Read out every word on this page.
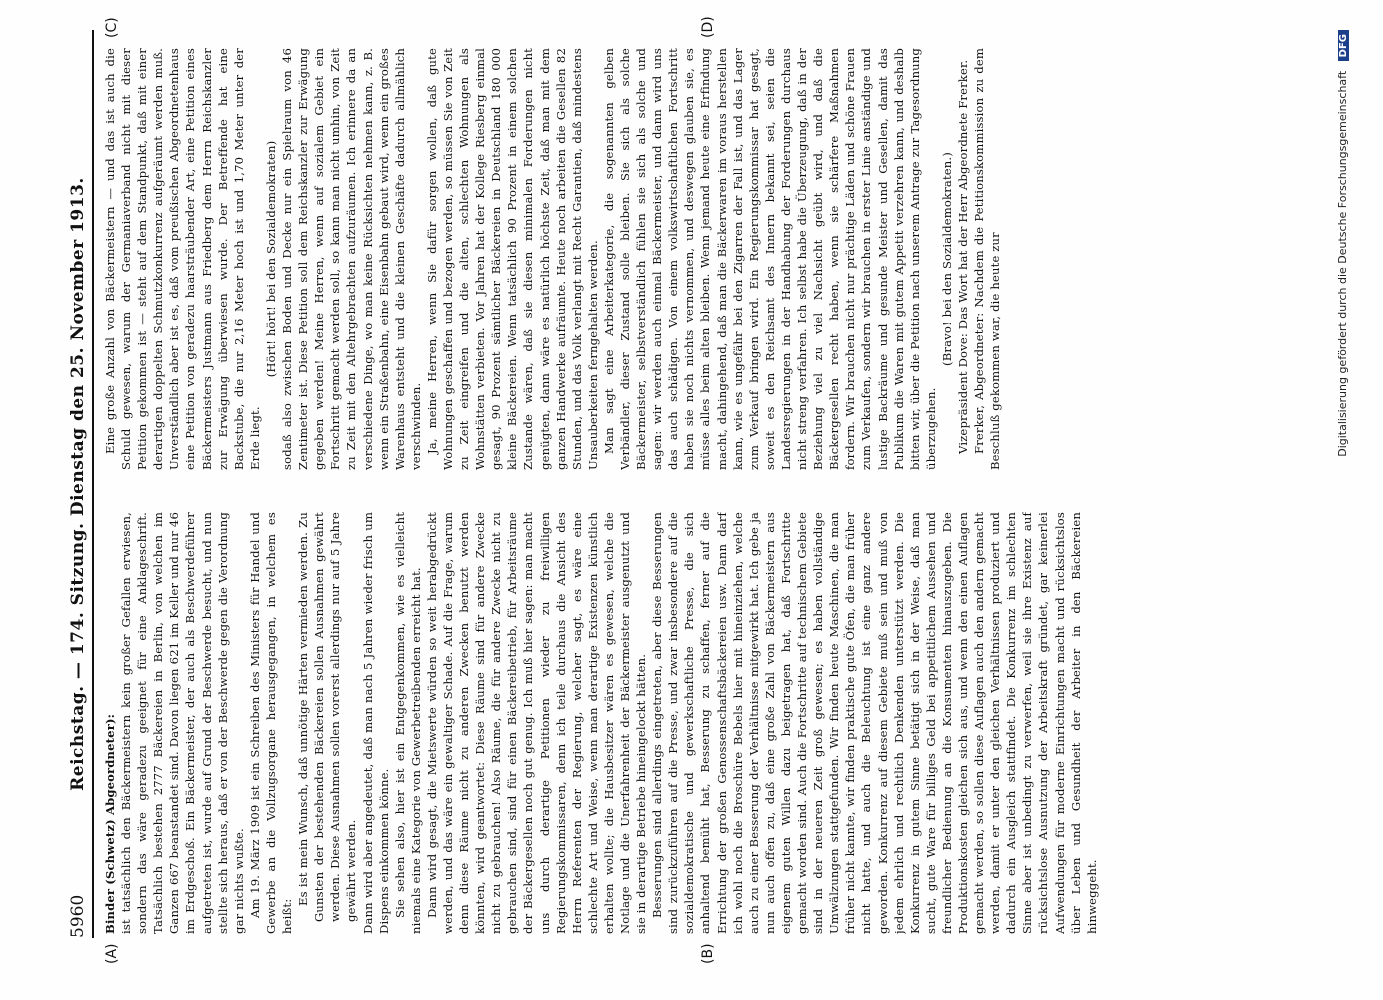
5960
Reichstag. — 174. Sitzung. Dienstag den 25. November 1913.
(A)	(B)
(C)	(D)

Binder (Schwetz) Abgeordneter): ist tatsächlich den Bäckermeistern kein großer Gefallen erwiesen, sondern das wäre geradezu geeignet für eine Anklageschrift. Tatsächlich bestehen 2777 Bäckereien in Berlin, von welchen im Ganzen 667 beanstandet sind. Davon liegen 621 im Keller und nur 46 im Erdgeschoß. Ein Bäckermeister, der auch als Beschwerdeführer aufgetreten ist, wurde auf Grund der Beschwerde besucht, und nun stellte sich heraus, daß er von der Beschwerde gegen die Verordnung gar nichts wußte. Am 19. März 1909 ist ein Schreiben des Ministers für Handel und Gewerbe an die Vollzugsorgane herausgegangen, in welchem es heißt:

Es ist mein Wunsch, daß unnötige Härten vermieden werden. Zu Gunsten der bestehenden Bäckereien sollen Ausnahmen gewährt werden. Diese Ausnahmen sollen vorerst allerdings nur auf 5 Jahre gewährt werden. Dann wird aber angedeutet, daß man nach 5 Jahren wieder frisch um Dispens einkommen könne. Sie sehen also, hier ist ein Entgegenkommen, wie es vielleicht niemals eine Kategorie von Gewerbetreibenden erreicht hat. Dann wird gesagt, die Mietswerte würden so weit herabgedrückt werden, und das wäre ein gewaltiger Schade. Auf die Frage, warum denn diese Räume nicht zu anderen Zwecken benutzt werden könnten, wird geantwortet: Diese Räume sind für andere Zwecke nicht zu gebrauchen! Also Räume, die für andere Zwecke nicht zu gebrauchen sind, sind für einen Bäckereibetrieb, für Arbeitsräume der Bäckergesellen noch gut genug. Ich muß hier sagen: man macht uns durch derartige Petitionen wieder zu freiwilligen Regierungskommissaren, denn ich teile durchaus die Ansicht des Herrn Referenten der Regierung, welcher sagt, es wäre eine schlechte Art und Weise, wenn man derartige Existenzen künstlich erhalten wollte; die Hausbesitzer wären es gewesen, welche die Notlage und die Unerfahrenheit der Bäckermeister ausgenutzt und sie in derartige Betriebe hineingelockt hätten. Besserungen sind allerdings eingetreten, aber diese Besserungen sind zurückzuführen auf die Presse, und zwar insbesondere auf die sozialdemokratische und gewerkschaftliche Presse, die sich anhaltend bemüht hat, Besserung zu schaffen, ferner auf die Errichtung der großen Genossenschaftsbäckereien usw. Dann darf ich wohl noch die Broschüre Bebels hier mit hineinziehen, welche auch zu einer Besserung der Verhältnisse mitgewirkt hat. Ich gebe ja nun auch offen zu, daß eine große Zahl von Bäckermeistern aus eigenem guten Willen dazu beigetragen hat, daß Fortschritte gemacht worden sind. Auch die Fortschritte auf technischem Gebiete sind in der neueren Zeit groß gewesen; es haben vollständige Umwälzungen stattgefunden. Wir finden heute Maschinen, die man früher nicht kannte, wir finden praktische gute Öfen, die man früher nicht hatte, und auch die Beleuchtung ist eine ganz andere geworden. Konkurrenz auf diesem Gebiete muß sein und muß von jedem ehrlich und rechtlich Denkenden unterstützt werden. Die Konkurrenz in gutem Sinne betätigt sich in der Weise, daß man sucht, gute Ware für billiges Geld bei appetitlichem Aussehen und freundlicher Bedienung an die Konsumenten hinauszugeben. Die Produktionskosten gleichen sich aus, und wenn den einen Auflagen gemacht werden, so sollen diese Auflagen auch den andern gemacht werden, damit er unter den gleichen Verhältnissen produziert und dadurch ein Ausgleich stattfindet. Die Konkurrenz im schlechten Sinne aber ist unbedingt zu verwerfen, weil sie ihre Existenz auf rücksichtslose Ausnutzung der Arbeitskraft gründet, gar keinerlei Aufwendungen für moderne Einrichtungen macht und rücksichtslos über Leben und Gesundheit der Arbeiter in den Bäckereien hinweggeht.

Eine große Anzahl von Bäckermeistern — und das ist auch die Schuld gewesen, warum der Germaniaverband nicht mit dieser Petition gekommen ist — steht auf dem Standpunkt, daß mit einer derartigen doppelten Schmutzkonkurrenz aufgeräumt werden muß. Unverständlich aber ist es, daß vom preußischen Abgeordnetenhaus eine Petition von geradezu haarsträubender Art, eine Petition eines Bäckermeisters Justmann aus Friedberg dem Herrn Reichskanzler zur Erwägung überwiesen wurde. Der Betreffende hat eine Backstube, die nur 2,16 Meter hoch ist und 1,70 Meter unter der Erde liegt.

(Hört! hört! bei den Sozialdemokraten) sodaß also zwischen Boden und Decke nur ein Spielraum von 46 Zentimeter ist. Diese Petition soll dem Reichskanzler zur Erwägung gegeben werden! Meine Herren, wenn auf sozialem Gebiet ein Fortschritt gemacht werden soll, so kann man nicht umhin, von Zeit zu Zeit mit den Altehrgebrachten aufzuräumen. Ich erinnere da an verschiedene Dinge, wo man keine Rücksichten nehmen kann, z. B. wenn ein Straßenbahn, eine Eisenbahn gebaut wird, wenn ein großes Warenhaus entsteht und die kleinen Geschäfte dadurch allmählich verschwinden. Ja, meine Herren, wenn Sie dafür sorgen wollen, daß gute Wohnungen geschaffen und bezogen werden, so müssen Sie von Zeit zu Zeit eingreifen und die alten, schlechten Wohnungen als Wohnstätten verbieten. Vor Jahren hat der Kollege Riesberg einmal gesagt, 90 Prozent sämtlicher Bäckereien in Deutschland 180 000 kleine Bäckereien. Wenn tatsächlich 90 Prozent in einem solchen Zustande wären, daß sie diesen minimalen Forderungen nicht genügten, dann wäre es natürlich höchste Zeit, daß man mit dem ganzen Handwerke aufräumte. Heute noch arbeiten die Gesellen 82 Stunden, und das Volk verlangt mit Recht Garantien, daß mindestens Unsauberkeiten ferngehalten werden. Man sagt eine Arbeiterkategorie, die sogenannten gelben Verbändler, dieser Zustand solle bleiben. Sie sich als solche Bäckermeister, selbstverständlich fühlen sie sich als solche und sagen: wir werden auch einmal Bäckermeister, und dann wird uns das auch schädigen. Von einem volkswirtschaftlichen Fortschritt haben sie noch nichts vernommen, und deswegen glauben sie, es müsse alles beim alten bleiben. Wenn jemand heute eine Erfindung macht, dahingehend, daß man die Bäckerwaren im voraus herstellen kann, wie es ungefähr bei den Zigarren der Fall ist, und das Lager zum Verkauf bringen wird. Ein Regierungskommissar hat gesagt, soweit es den Reichsamt des Innern bekannt sei, seien die Landesregierungen in der Handhabung der Forderungen durchaus nicht streng verfahren. Ich selbst habe die Überzeugung, daß in der Beziehung viel zu viel Nachsicht geübt wird, und daß die Bäckergesellen recht haben, wenn sie schärfere Maßnahmen fordern. Wir brauchen nicht nur prächtige Läden und schöne Frauen zum Verkaufen, sondern wir brauchen in erster Linie anständige und lustige Backräume und gesunde Meister und Gesellen, damit das Publikum die Waren mit gutem Appetit verzehren kann, und deshalb bitten wir, über die Petition nach unserem Antrage zur Tagesordnung überzugehen.

(Bravo! bei den Sozialdemokraten.) Vizepräsident Dove: Das Wort hat der Herr Abgeordnete Frerker. Frerker, Abgeordneter: Nachdem die Petitionskommission zu dem Beschluß gekommen war, die heute zur	Digitalisierung gefördert durch die Deutsche Forschungsgemeinschaft DFG
